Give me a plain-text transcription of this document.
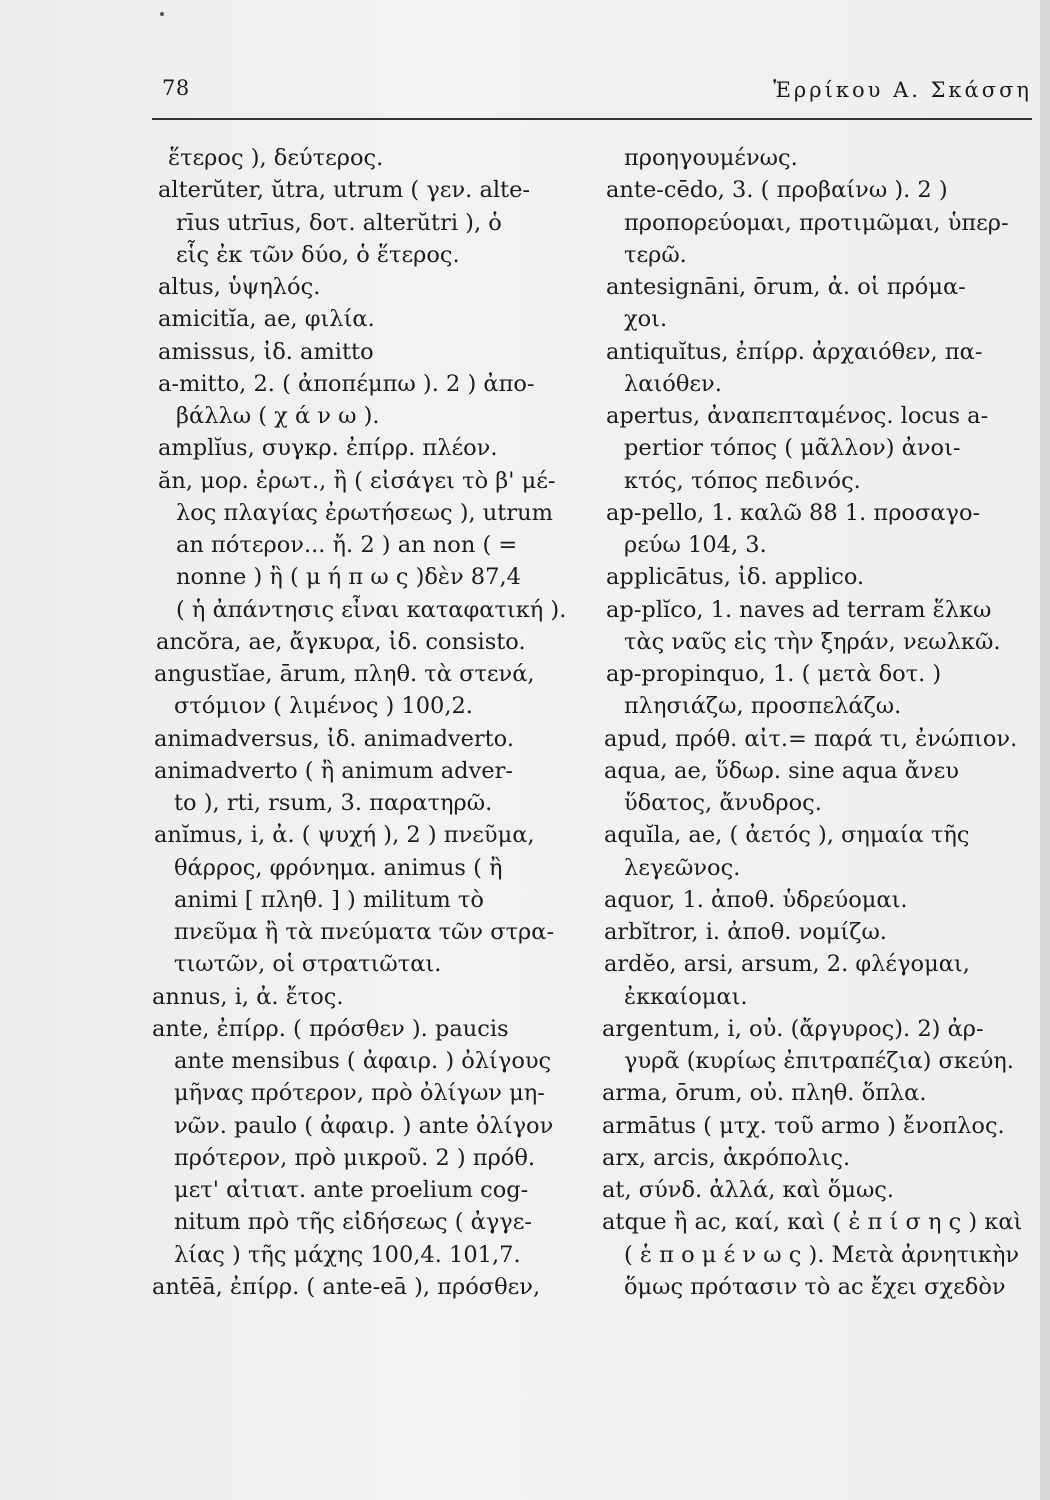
78	Ἑρρίκου Α. Σκάσση
ἕτερος ), δεύτερος.
alterŭter, ŭtra, utrum ( γεν. alte-
rīus utrīus, δοτ. alterŭtri ), ὁ
εἷς ἐκ τῶν δύο, ὁ ἕτερος.
altus, ὑψηλός.
amicitĭa, ae, φιλία.
amissus, ἰδ. amitto
a-mitto, 2. ( ἀποπέμπω ). 2 ) ἀπο-
βάλλω ( χ ά ν ω ).
amplĭus, συγκρ. ἐπίρρ. πλέον.
ăn, μορ. ἐρωτ., ἢ ( εἰσάγει τὸ β' μέ-
λος πλαγίας ἐρωτήσεως ), utrum
an πότερον... ἤ. 2 ) an non ( =
nonne ) ἢ ( μ ή π ω ς )δὲν 87,4
( ἡ ἀπάντησις εἶναι καταφατική ).
ancŏra, ae, ἄγκυρα, ἰδ. consisto.
angustĭae, ārum, πληθ. τὰ στενά,
στόμιον ( λιμένος ) 100,2.
animadversus, ἰδ. animadverto.
animadverto ( ἢ animum adver-
to ), rti, rsum, 3. παρατηρῶ.
anĭmus, i, ἀ. ( ψυχή ), 2 ) πνεῦμα,
θάρρος, φρόνημα. animus ( ἢ
animi [ πληθ. ] ) militum τὸ
πνεῦμα ἢ τὰ πνεύματα τῶν στρα-
τιωτῶν, οἱ στρατιῶται.
annus, i, ἀ. ἔτος.
ante, ἐπίρρ. ( πρόσθεν ). paucis
ante mensibus ( ἀφαιρ. ) ὀλίγους
μῆνας πρότερον, πρὸ ὀλίγων μη-
νῶν. paulo ( ἀφαιρ. ) ante ὀλίγον
πρότερον, πρὸ μικροῦ. 2 ) πρόθ.
μετ' αἰτιατ. ante proelium cog-
nitum πρὸ τῆς εἰδήσεως ( ἀγγε-
λίας ) τῆς μάχης 100,4. 101,7.
antēā, ἐπίρρ. ( ante-eā ), πρόσθεν,
προηγουμένως.
ante-cēdo, 3. ( προβαίνω ). 2 )
προπορεύομαι, προτιμῶμαι, ὑπερ-
τερῶ.
antesignāni, ōrum, ἀ. οἱ πρόμα-
χοι.
antiquĭtus, ἐπίρρ. ἀρχαιόθεν, πα-
λαιόθεν.
apertus, ἀναπεπταμένος. locus a-
pertior τόπος ( μᾶλλον) ἀνοι-
κτός, τόπος πεδινός.
ap-pello, 1. καλῶ 88 1. προσαγο-
ρεύω 104, 3.
applicātus, ἰδ. applico.
ap-plĭco, 1. naves ad terram ἕλκω
τὰς ναῦς εἰς τὴν ξηράν, νεωλκῶ.
ap-propinquo, 1. ( μετὰ δοτ. )
πλησιάζω, προσπελάζω.
apud, πρόθ. αἰτ.= παρά τι, ἐνώπιον.
aqua, ae, ὕδωρ. sine aqua ἄνευ
ὕδατος, ἄνυδρος.
aquĭla, ae, ( ἀετός ), σημαία τῆς
λεγεῶνος.
aquor, 1. ἀποθ. ὑδρεύομαι.
arbĭtror, i. ἀποθ. νομίζω.
ardĕo, arsi, arsum, 2. φλέγομαι,
ἐκκαίομαι.
argentum, i, οὐ. (ἄργυρος). 2) ἀρ-
γυρᾶ (κυρίως ἐπιτραπέζια) σκεύη.
arma, ōrum, οὐ. πληθ. ὅπλα.
armātus ( μτχ. τοῦ armo ) ἔνοπλος.
arx, arcis, ἀκρόπολις.
at, σύνδ. ἀλλά, καὶ ὅμως.
atque ἢ ac, καί, καὶ ( ἐ π ί σ η ς ) καὶ
( ἑ π ο μ έ ν ω ς ). Μετὰ ἀρνητικὴν
ὅμως πρότασιν τὸ ac ἔχει σχεδὸν
